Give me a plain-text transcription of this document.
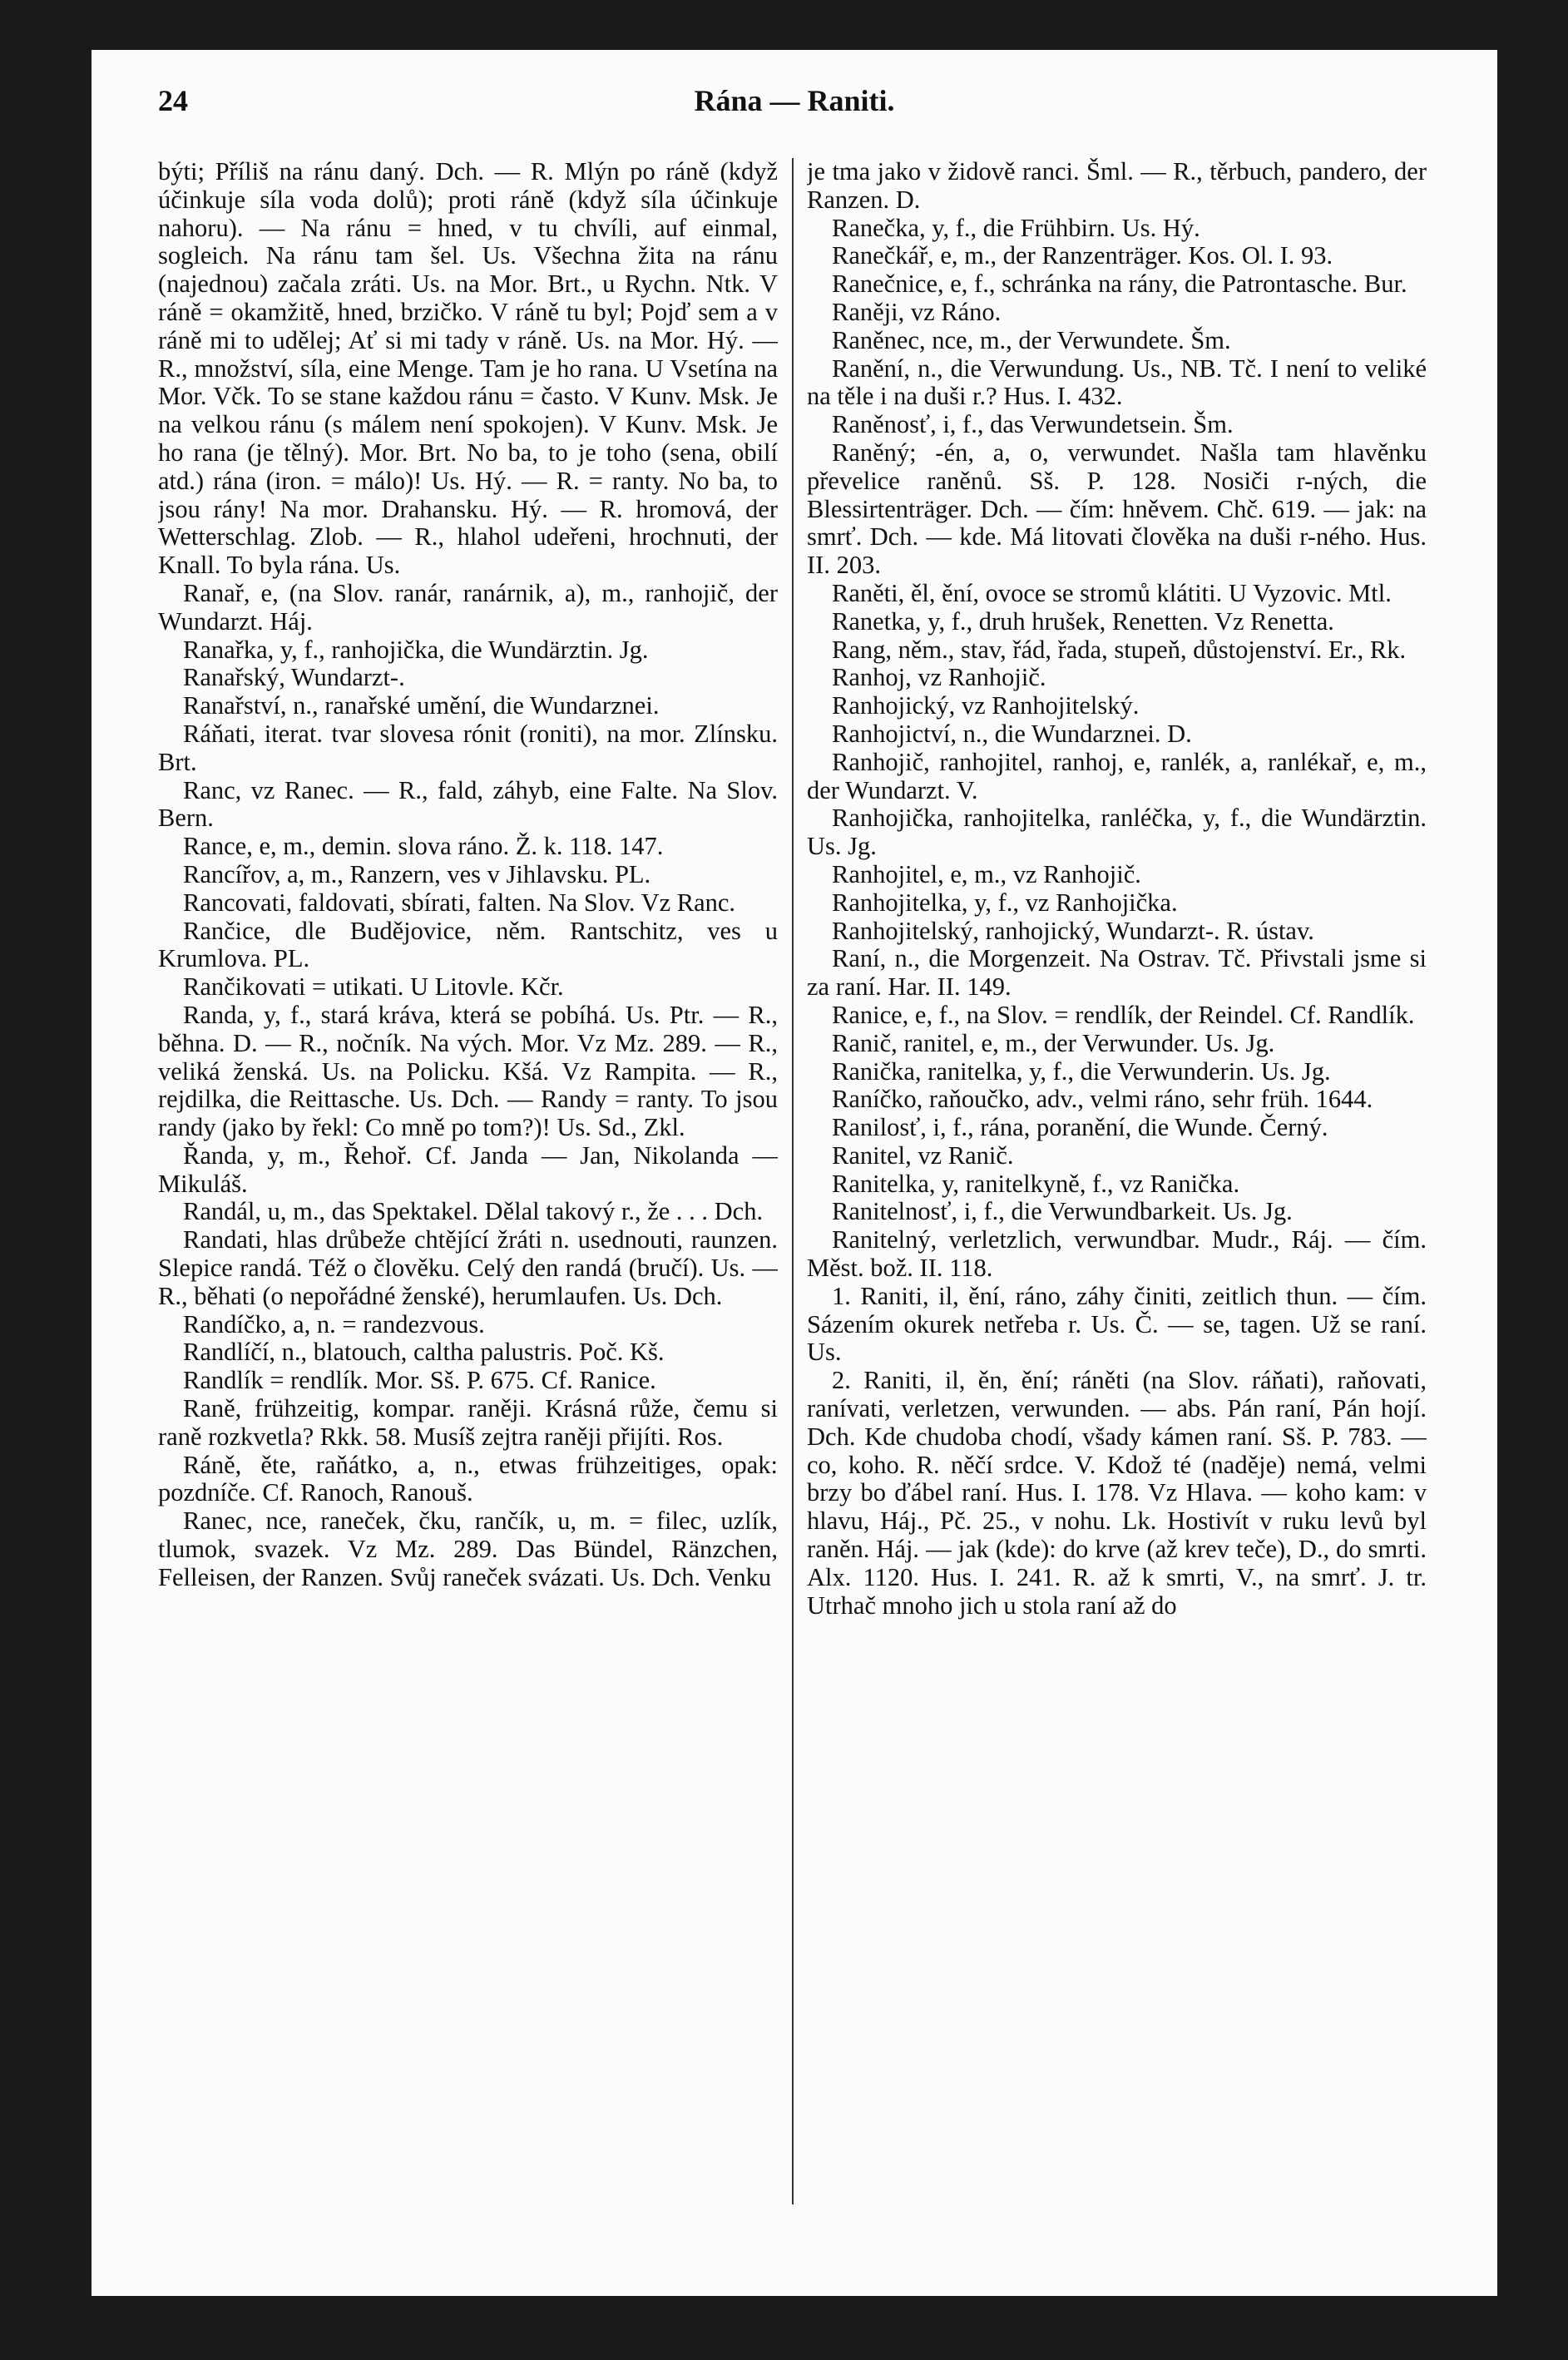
24	Rána — Raniti.

býti; Příliš na ránu daný. Dch. — R. Mlýn po ráně (když účinkuje síla voda dolů); proti ráně (když síla účinkuje nahoru). — Na ránu = hned, v tu chvíli, auf einmal, sogleich. Na ránu tam šel. Us. Všechna žita na ránu (najednou) začala zráti. Us. na Mor. Brt., u Rychn. Ntk. V ráně = okamžitě, hned, brzičko. V ráně tu byl; Pojď sem a v ráně mi to udělej; Ať si mi tady v ráně. Us. na Mor. Hý. — R., množství, síla, eine Menge. Tam je ho rana. U Vsetína na Mor. Včk. To se stane každou ránu = často. V Kunv. Msk. Je na velkou ránu (s málem není spokojen). V Kunv. Msk. Je ho rana (je tělný). Mor. Brt. No ba, to je toho (sena, obilí atd.) rána (iron. = málo)! Us. Hý. — R. = ranty. No ba, to jsou rány! Na mor. Drahansku. Hý. — R. hromová, der Wetterschlag. Zlob. — R., hlahol udeřeni, hrochnuti, der Knall. To byla rána. Us.

Ranař, e, (na Slov. ranár, ranárnik, a), m., ranhojič, der Wundarzt. Háj.

Ranařka, y, f., ranhojička, die Wundärztin. Jg.

Ranařský, Wundarzt-.

Ranařství, n., ranařské umění, die Wundarznei.

Ráňati, iterat. tvar slovesa rónit (roniti), na mor. Zlínsku. Brt.

Ranc, vz Ranec. — R., fald, záhyb, eine Falte. Na Slov. Bern.

Rance, e, m., demin. slova ráno. Ž. k. 118. 147.

Rancířov, a, m., Ranzern, ves v Jihlavsku. PL.

Rancovati, faldovati, sbírati, falten. Na Slov. Vz Ranc.

Rančice, dle Budějovice, něm. Rantschitz, ves u Krumlova. PL.

Rančikovati = utikati. U Litovle. Kčr.

Randa, y, f., stará kráva, která se pobíhá. Us. Ptr. — R., běhna. D. — R., nočník. Na vých. Mor. Vz Mz. 289. — R., veliká ženská. Us. na Policku. Kšá. Vz Rampita. — R., rejdilka, die Reittasche. Us. Dch. — Randy = ranty. To jsou randy (jako by řekl: Co mně po tom?)! Us. Sd., Zkl.

Řanda, y, m., Řehoř. Cf. Janda — Jan, Nikolanda — Mikuláš.

Randál, u, m., das Spektakel. Dělal takový r., že . . . Dch.

Randati, hlas drůbeže chtějící žráti n. usednouti, raunzen. Slepice randá. Též o člověku. Celý den randá (bručí). Us. — R., běhati (o nepořádné ženské), herumlaufen. Us. Dch.

Randíčko, a, n. = randezvous.

Randlíčí, n., blatouch, caltha palustris. Poč. Kš.

Randlík = rendlík. Mor. Sš. P. 675. Cf. Ranice.

Raně, frühzeitig, kompar. raněji. Krásná růže, čemu si raně rozkvetla? Rkk. 58. Musíš zejtra raněji přijíti. Ros.

Ráně, ěte, raňátko, a, n., etwas frühzeitiges, opak: pozdníče. Cf. Ranoch, Ranouš.

Ranec, nce, raneček, čku, rančík, u, m. = filec, uzlík, tlumok, svazek. Vz Mz. 289. Das Bündel, Ränzchen, Felleisen, der Ranzen. Svůj raneček svázati. Us. Dch. Venku

je tma jako v židově ranci. Šml. — R., těrbuch, pandero, der Ranzen. D.

Ranečka, y, f., die Frühbirn. Us. Hý.

Ranečkář, e, m., der Ranzenträger. Kos. Ol. I. 93.

Ranečnice, e, f., schránka na rány, die Patrontasche. Bur.

Raněji, vz Ráno.

Raněnec, nce, m., der Verwundete. Šm.

Ranění, n., die Verwundung. Us., NB. Tč. I není to veliké na těle i na duši r.? Hus. I. 432.

Raněnosť, i, f., das Verwundetsein. Šm.

Raněný; -én, a, o, verwundet. Našla tam hlavěnku převelice raněnů. Sš. P. 128. Nosiči r-ných, die Blessirtenträger. Dch. — čím: hněvem. Chč. 619. — jak: na smrť. Dch. — kde. Má litovati člověka na duši r-ného. Hus. II. 203.

Raněti, ěl, ění, ovoce se stromů klátiti. U Vyzovic. Mtl.

Ranetka, y, f., druh hrušek, Renetten. Vz Renetta.

Rang, něm., stav, řád, řada, stupeň, důstojenství. Er., Rk.

Ranhoj, vz Ranhojič.

Ranhojický, vz Ranhojitelský.

Ranhojictví, n., die Wundarznei. D.

Ranhojič, ranhojitel, ranhoj, e, ranlék, a, ranlékař, e, m., der Wundarzt. V.

Ranhojička, ranhojitelka, ranléčka, y, f., die Wundärztin. Us. Jg.

Ranhojitel, e, m., vz Ranhojič.

Ranhojitelka, y, f., vz Ranhojička.

Ranhojitelský, ranhojický, Wundarzt-. R. ústav.

Raní, n., die Morgenzeit. Na Ostrav. Tč. Přivstali jsme si za raní. Har. II. 149.

Ranice, e, f., na Slov. = rendlík, der Reindel. Cf. Randlík.

Ranič, ranitel, e, m., der Verwunder. Us. Jg.

Ranička, ranitelka, y, f., die Verwunderin. Us. Jg.

Raníčko, raňoučko, adv., velmi ráno, sehr früh. 1644.

Ranilosť, i, f., rána, poranění, die Wunde. Černý.

Ranitel, vz Ranič.

Ranitelka, y, ranitelkyně, f., vz Ranička.

Ranitelnosť, i, f., die Verwundbarkeit. Us. Jg.

Ranitelný, verletzlich, verwundbar. Mudr., Ráj. — čím. Měst. bož. II. 118.

1. Raniti, il, ění, ráno, záhy činiti, zeitlich thun. — čím. Sázením okurek netřeba r. Us. Č. — se, tagen. Už se raní. Us.

2. Raniti, il, ěn, ění; ráněti (na Slov. ráňati), raňovati, ranívati, verletzen, verwunden. — abs. Pán raní, Pán hojí. Dch. Kde chudoba chodí, všady kámen raní. Sš. P. 783. — co, koho. R. něčí srdce. V. Kdož té (naděje) nemá, velmi brzy bo ďábel raní. Hus. I. 178. Vz Hlava. — koho kam: v hlavu, Háj., Pč. 25., v nohu. Lk. Hostivít v ruku levů byl raněn. Háj. — jak (kde): do krve (až krev teče), D., do smrti. Alx. 1120. Hus. I. 241. R. až k smrti, V., na smrť. J. tr. Utrhač mnoho jich u stola raní až do
